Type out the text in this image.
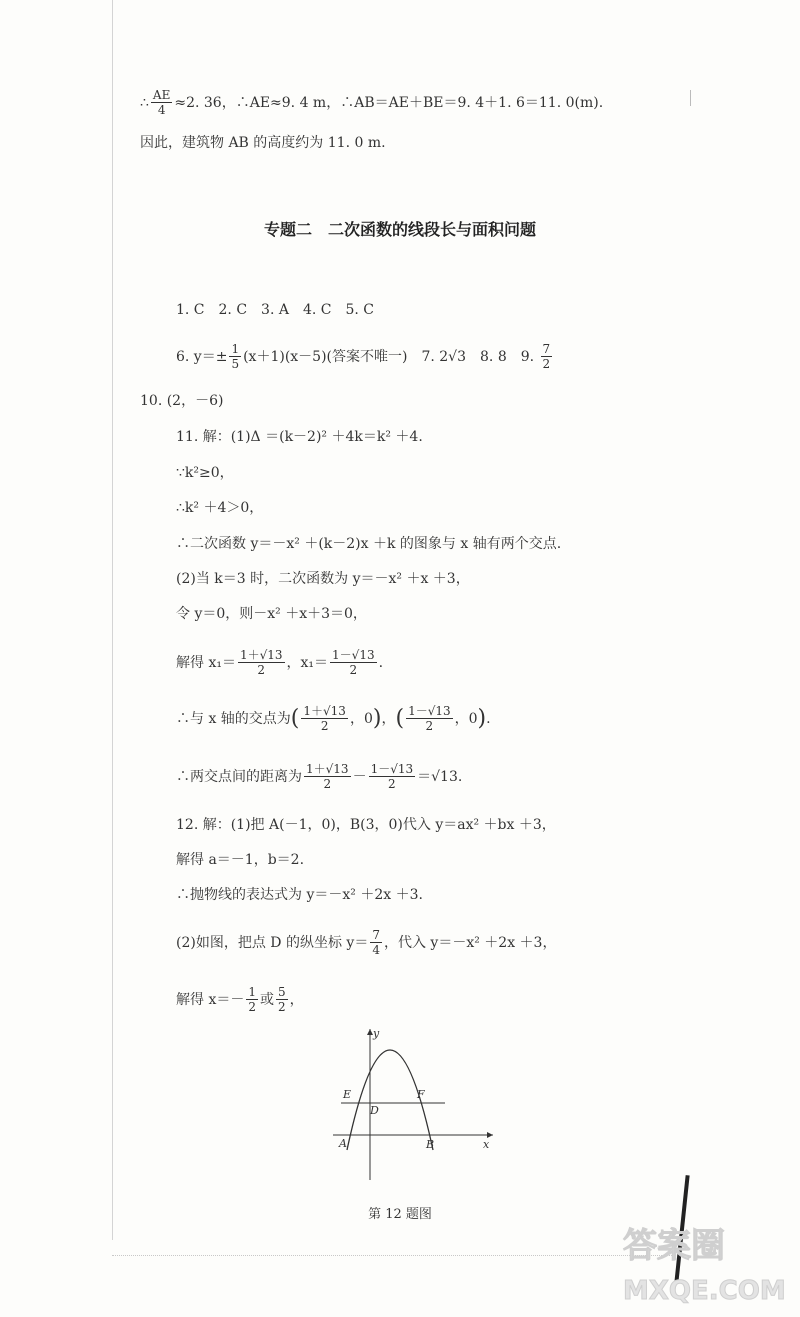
∴ $\frac{AE}{4} \approx 2$. 36，∴AE≈9. 4 m，∴AB＝AE＋BE＝9. 4＋1. 6＝11. 0(m).
因此，建筑物 AB 的高度约为 11. 0 m.
专题二　二次函数的线段长与面积问题
1. C　2. C　3. A　4. C　5. C
6. $y=\pm \frac{1}{5} (x+1)(x-5)$(答案不唯一)　7. 2√3　8. 8　9. $\frac{7}{2}$
10. (2，－6)
11. 解：(1)Δ ＝(k－2)² ＋4k＝k² ＋4.
∵k²≥0，
∴k² ＋4＞0，
∴二次函数 y＝－x² ＋(k－2)x ＋k 的图象与 x 轴有两个交点.
(2)当 k＝3 时，二次函数为 y＝－x² ＋x ＋3，
令 y＝0，则－x² ＋x＋3＝0，
解得 $x_1= \frac{1+√13}{2}$ ，$x_1= \frac{1-√13}{2}$ .
∴与 x 轴的交点为( $\frac{1+√13}{2}$ ，0)，( $\frac{1-√13}{2}$ ，0).
∴两交点间的距离为 $\frac{1+√13}{2} - \frac{1-√13}{2} =√13$.
12. 解：(1)把 A(－1，0)，B(3，0)代入 y＝ax² ＋bx ＋3，
解得 a＝－1，b＝2.
∴抛物线的表达式为 y＝－x² ＋2x ＋3.
(2)如图，把点 D 的纵坐标 $y= \frac{7}{4}$ ，代入 y＝－x² ＋2x ＋3，
解得 $x=- \frac{1}{2}$ 或 $\frac{5}{2}$ ，
y
x
E	F
D
A	B
第 12 题图
答案圈
MXQE.COM
